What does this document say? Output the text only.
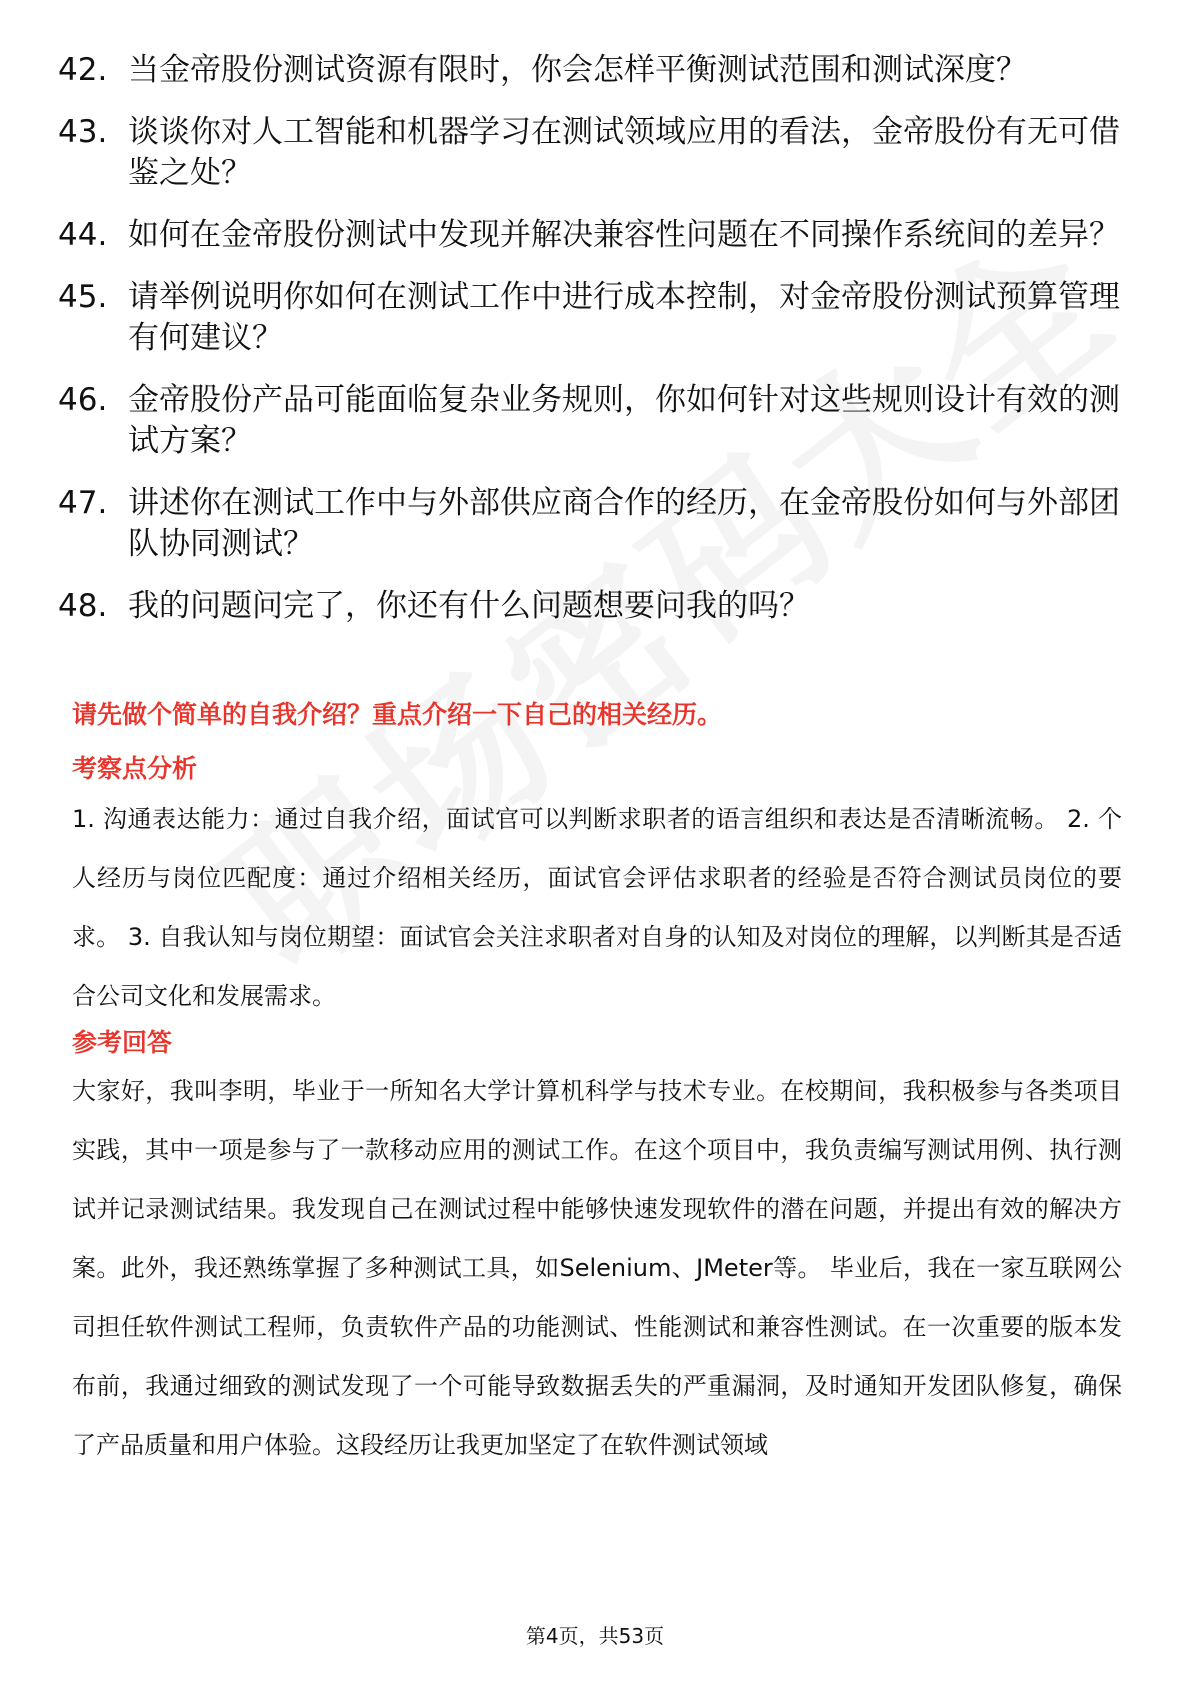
42. 当金帝股份测试资源有限时，你会怎样平衡测试范围和测试深度？
43. 谈谈你对人工智能和机器学习在测试领域应用的看法，金帝股份有无可借鉴之处？
44. 如何在金帝股份测试中发现并解决兼容性问题在不同操作系统间的差异？
45. 请举例说明你如何在测试工作中进行成本控制，对金帝股份测试预算管理有何建议？
46. 金帝股份产品可能面临复杂业务规则，你如何针对这些规则设计有效的测试方案？
47. 讲述你在测试工作中与外部供应商合作的经历，在金帝股份如何与外部团队协同测试？
48. 我的问题问完了，你还有什么问题想要问我的吗？
请先做个简单的自我介绍？重点介绍一下自己的相关经历。
考察点分析
1. 沟通表达能力：通过自我介绍，面试官可以判断求职者的语言组织和表达是否清晰流畅。 2. 个人经历与岗位匹配度：通过介绍相关经历，面试官会评估求职者的经验是否符合测试员岗位的要求。 3. 自我认知与岗位期望：面试官会关注求职者对自身的认知及对岗位的理解，以判断其是否适合公司文化和发展需求。
参考回答
大家好，我叫李明，毕业于一所知名大学计算机科学与技术专业。在校期间，我积极参与各类项目实践，其中一项是参与了一款移动应用的测试工作。在这个项目中，我负责编写测试用例、执行测试并记录测试结果。我发现自己在测试过程中能够快速发现软件的潜在问题，并提出有效的解决方案。此外，我还熟练掌握了多种测试工具，如Selenium、JMeter等。 毕业后，我在一家互联网公司担任软件测试工程师，负责软件产品的功能测试、性能测试和兼容性测试。在一次重要的版本发布前，我通过细致的测试发现了一个可能导致数据丢失的严重漏洞，及时通知开发团队修复，确保了产品质量和用户体验。这段经历让我更加坚定了在软件测试领域
第4页，共53页
